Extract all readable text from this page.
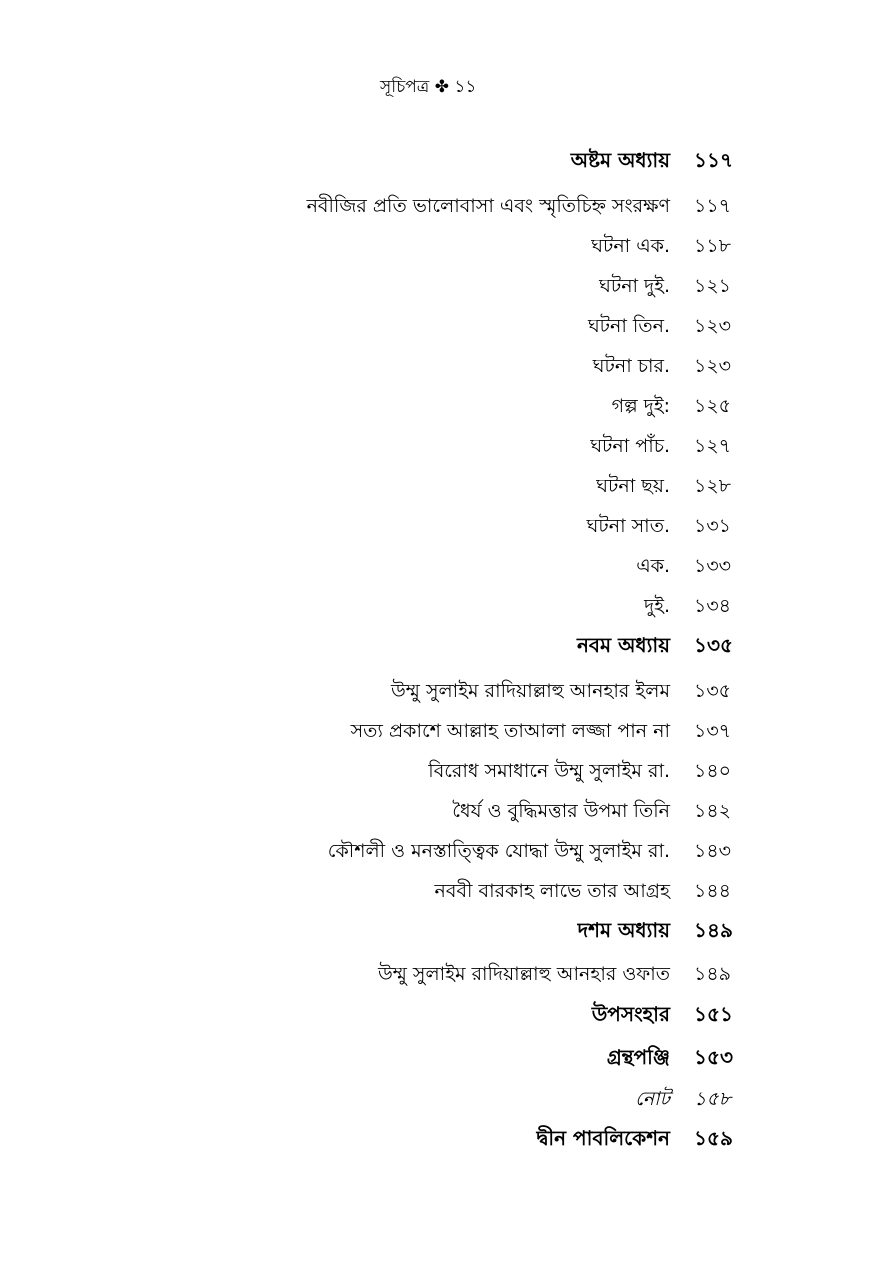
সূচিপত্র ✤ ১১
অষ্টম অধ্যায় ১১৭
নবীজির প্রতি ভালোবাসা এবং স্মৃতিচিহ্ন সংরক্ষণ ১১৭
ঘটনা এক. ১১৮
ঘটনা দুই. ১২১
ঘটনা তিন. ১২৩
ঘটনা চার. ১২৩
গল্প দুই: ১২৫
ঘটনা পাঁচ. ১২৭
ঘটনা ছয়. ১২৮
ঘটনা সাত. ১৩১
এক. ১৩৩
দুই. ১৩৪
নবম অধ্যায় ১৩৫
উম্মু সুলাইম রাদিয়াল্লাহু আনহার ইলম ১৩৫
সত্য প্রকাশে আল্লাহ তাআলা লজ্জা পান না ১৩৭
বিরোধ সমাধানে উম্মু সুলাইম রা. ১৪০
ধৈর্য ও বুদ্ধিমত্তার উপমা তিনি ১৪২
কৌশলী ও মনস্তাত্ত্বিক যোদ্ধা উম্মু সুলাইম রা. ১৪৩
নববী বারকাহ লাভে তার আগ্রহ ১৪৪
দশম অধ্যায় ১৪৯
উম্মু সুলাইম রাদিয়াল্লাহু আনহার ওফাত ১৪৯
উপসংহার ১৫১
গ্রন্থপঞ্জি ১৫৩
নোট ১৫৮
দ্বীন পাবলিকেশন ১৫৯
